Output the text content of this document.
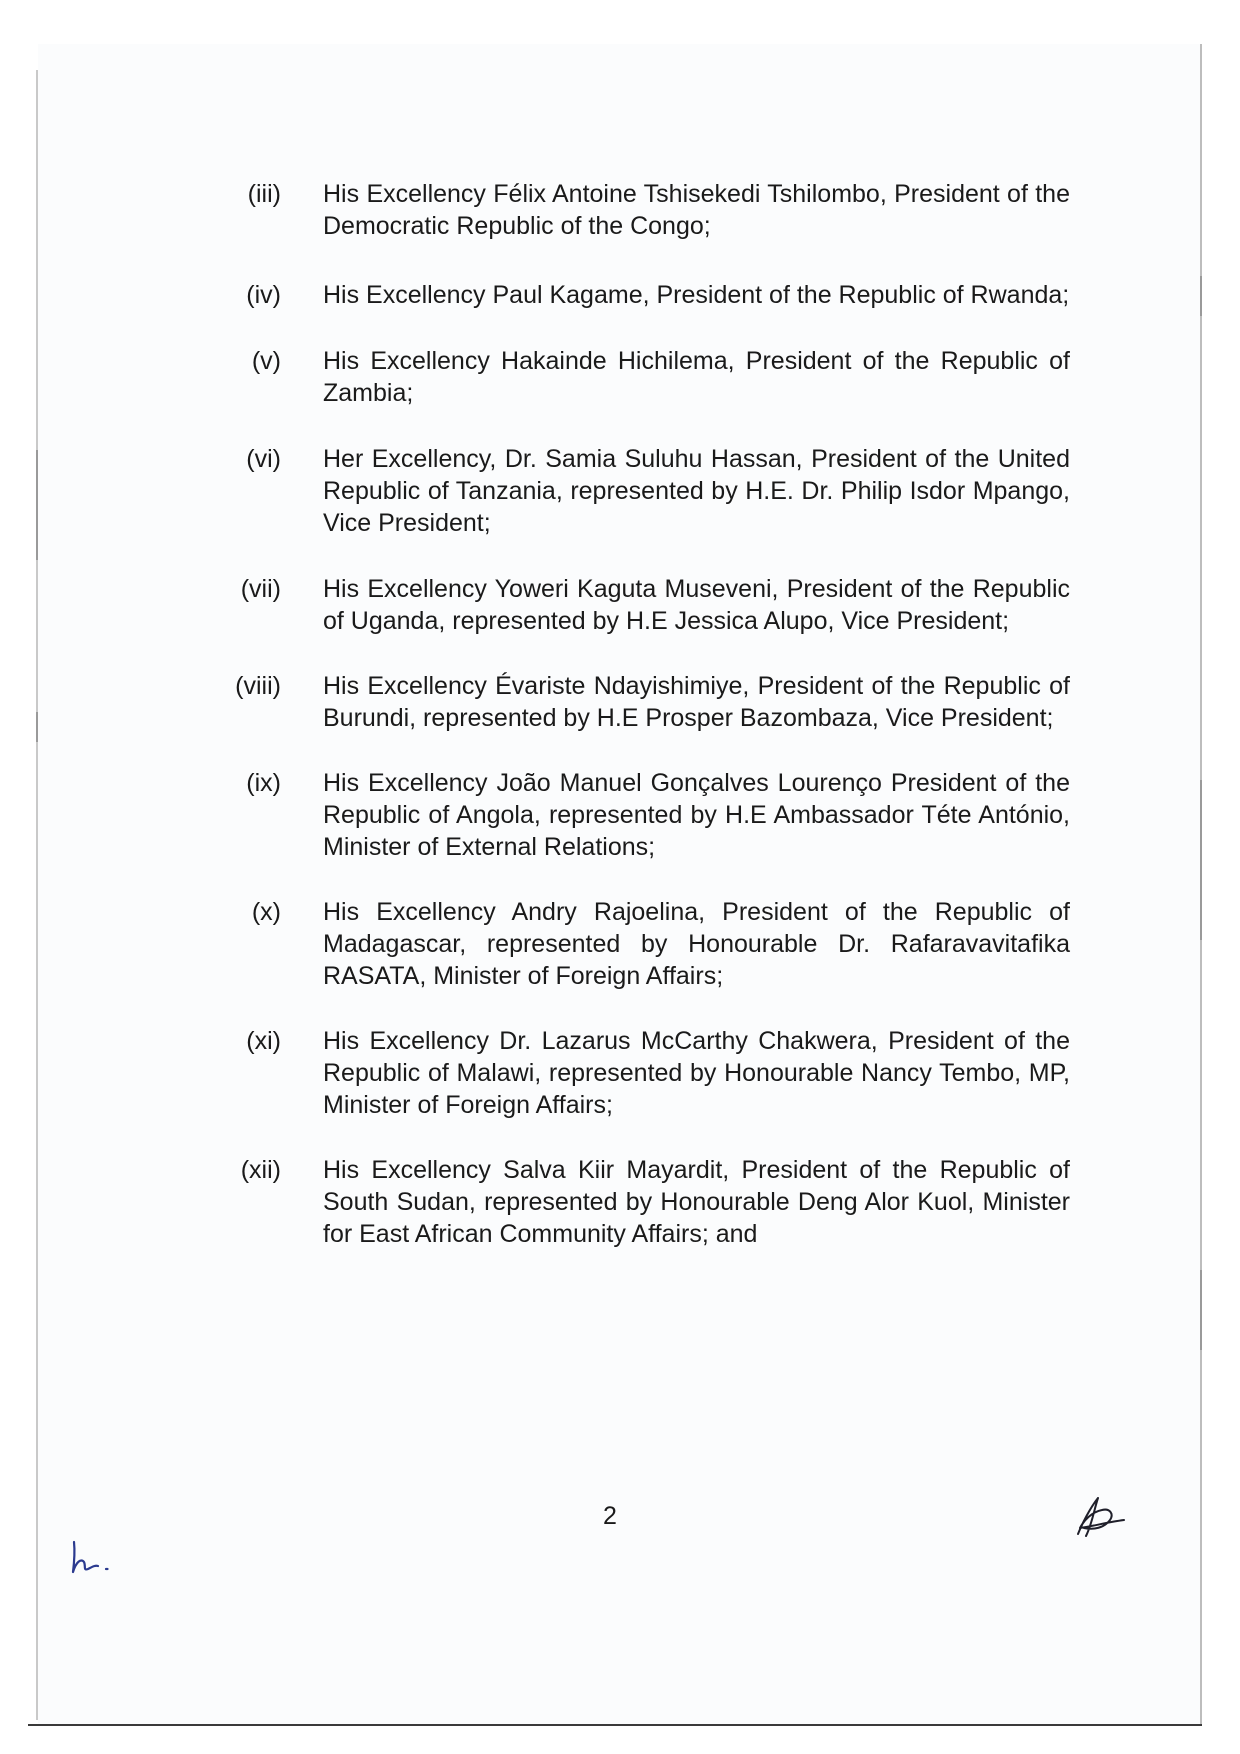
(iii)	His Excellency Félix Antoine Tshisekedi Tshilombo, President of the Democratic Republic of the Congo;

(iv)	His Excellency Paul Kagame, President of the Republic of Rwanda;

(v)	His Excellency Hakainde Hichilema, President of the Republic of Zambia;

(vi)	Her Excellency, Dr. Samia Suluhu Hassan, President of the United Republic of Tanzania, represented by H.E. Dr. Philip Isdor Mpango, Vice President;

(vii)	His Excellency Yoweri Kaguta Museveni, President of the Republic of Uganda, represented by H.E Jessica Alupo, Vice President;

(viii)	His Excellency Évariste Ndayishimiye, President of the Republic of Burundi, represented by H.E Prosper Bazombaza, Vice President;

(ix)	His Excellency João Manuel Gonçalves Lourenço President of the Republic of Angola, represented by H.E Ambassador Téte António, Minister of External Relations;

(x)	His Excellency Andry Rajoelina, President of the Republic of Madagascar, represented by Honourable Dr. Rafaravavitafika RASATA, Minister of Foreign Affairs;

(xi)	His Excellency Dr. Lazarus McCarthy Chakwera, President of the Republic of Malawi, represented by Honourable Nancy Tembo, MP, Minister of Foreign Affairs;

(xii)	His Excellency Salva Kiir Mayardit, President of the Republic of South Sudan, represented by Honourable Deng Alor Kuol, Minister for East African Community Affairs; and

2
